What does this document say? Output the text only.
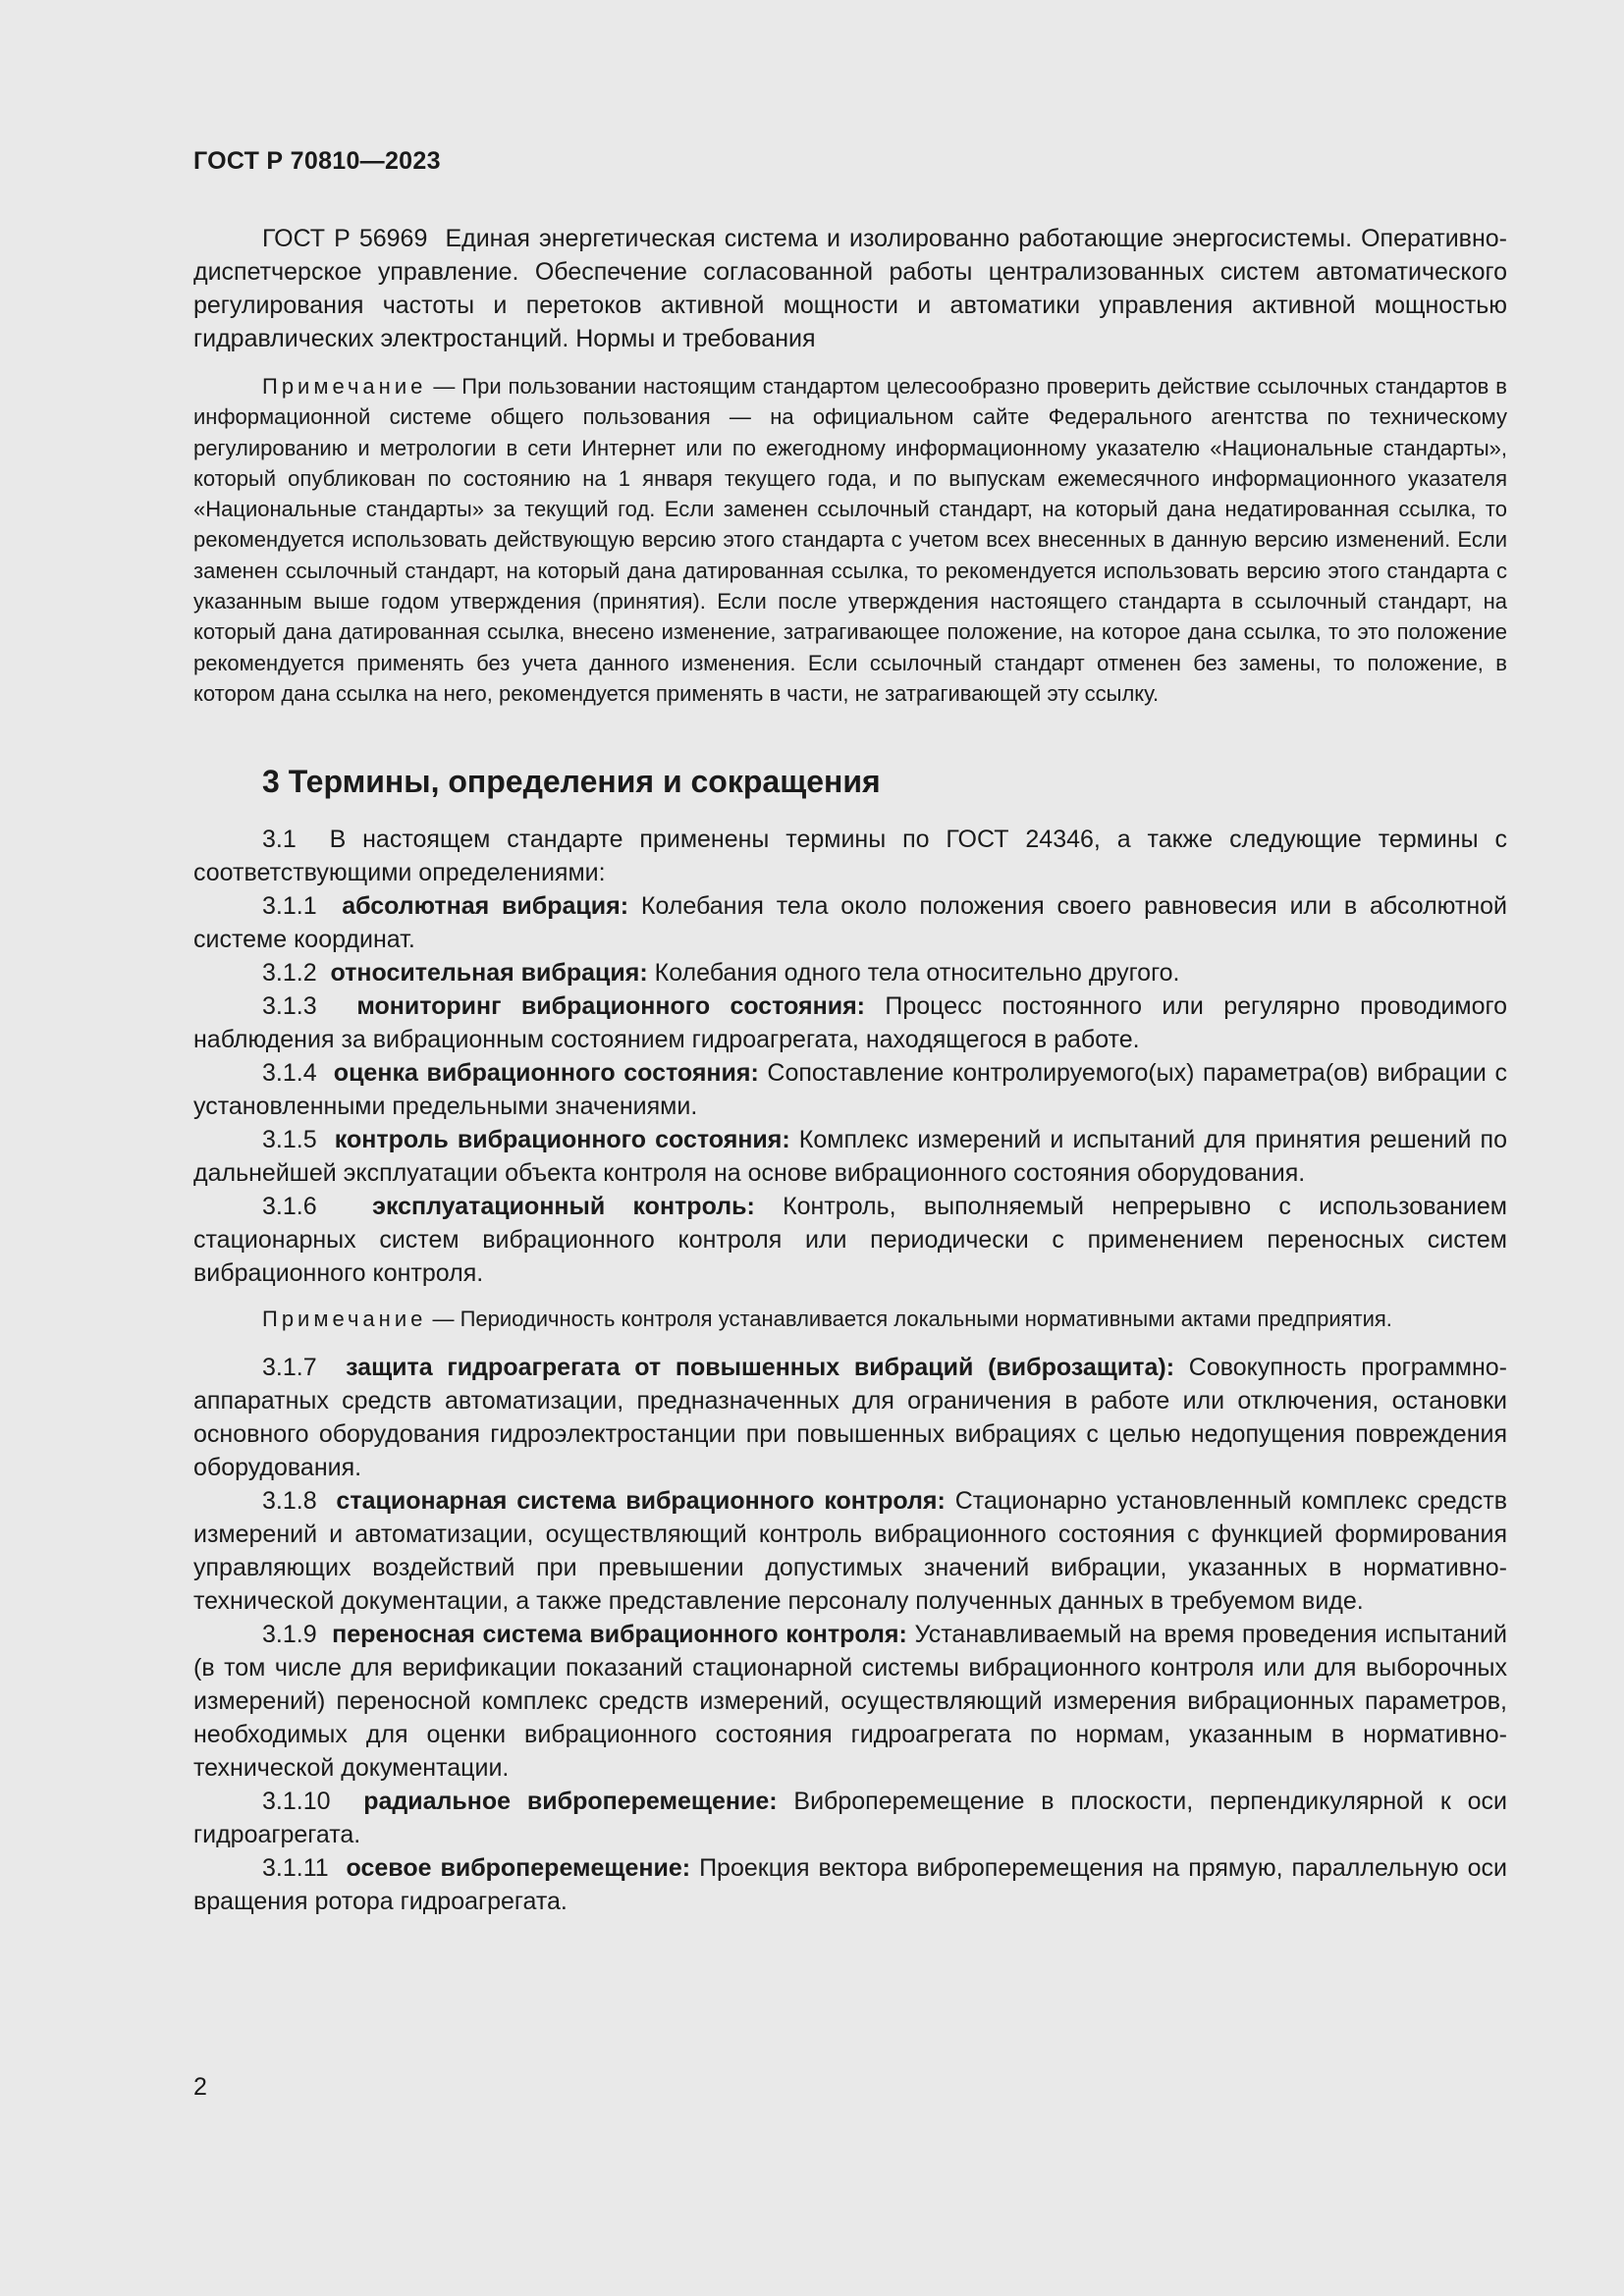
ГОСТ Р 70810—2023

ГОСТ Р 56969 Единая энергетическая система и изолированно работающие энергосистемы. Оперативно-диспетчерское управление. Обеспечение согласованной работы централизованных систем автоматического регулирования частоты и перетоков активной мощности и автоматики управления активной мощностью гидравлических электростанций. Нормы и требования

Примечание — При пользовании настоящим стандартом целесообразно проверить действие ссылочных стандартов в информационной системе общего пользования — на официальном сайте Федерального агентства по техническому регулированию и метрологии в сети Интернет или по ежегодному информационному указателю «Национальные стандарты», который опубликован по состоянию на 1 января текущего года, и по выпускам ежемесячного информационного указателя «Национальные стандарты» за текущий год. Если заменен ссылочный стандарт, на который дана недатированная ссылка, то рекомендуется использовать действующую версию этого стандарта с учетом всех внесенных в данную версию изменений. Если заменен ссылочный стандарт, на который дана датированная ссылка, то рекомендуется использовать версию этого стандарта с указанным выше годом утверждения (принятия). Если после утверждения настоящего стандарта в ссылочный стандарт, на который дана датированная ссылка, внесено изменение, затрагивающее положение, на которое дана ссылка, то это положение рекомендуется применять без учета данного изменения. Если ссылочный стандарт отменен без замены, то положение, в котором дана ссылка на него, рекомендуется применять в части, не затрагивающей эту ссылку.

3 Термины, определения и сокращения

3.1 В настоящем стандарте применены термины по ГОСТ 24346, а также следующие термины с соответствующими определениями:

3.1.1 абсолютная вибрация: Колебания тела около положения своего равновесия или в абсолютной системе координат.

3.1.2 относительная вибрация: Колебания одного тела относительно другого.

3.1.3 мониторинг вибрационного состояния: Процесс постоянного или регулярно проводимого наблюдения за вибрационным состоянием гидроагрегата, находящегося в работе.

3.1.4 оценка вибрационного состояния: Сопоставление контролируемого(ых) параметра(ов) вибрации с установленными предельными значениями.

3.1.5 контроль вибрационного состояния: Комплекс измерений и испытаний для принятия решений по дальнейшей эксплуатации объекта контроля на основе вибрационного состояния оборудования.

3.1.6 эксплуатационный контроль: Контроль, выполняемый непрерывно с использованием стационарных систем вибрационного контроля или периодически с применением переносных систем вибрационного контроля.

Примечание — Периодичность контроля устанавливается локальными нормативными актами предприятия.

3.1.7 защита гидроагрегата от повышенных вибраций (виброзащита): Совокупность программно-аппаратных средств автоматизации, предназначенных для ограничения в работе или отключения, остановки основного оборудования гидроэлектростанции при повышенных вибрациях с целью недопущения повреждения оборудования.

3.1.8 стационарная система вибрационного контроля: Стационарно установленный комплекс средств измерений и автоматизации, осуществляющий контроль вибрационного состояния с функцией формирования управляющих воздействий при превышении допустимых значений вибрации, указанных в нормативно-технической документации, а также представление персоналу полученных данных в требуемом виде.

3.1.9 переносная система вибрационного контроля: Устанавливаемый на время проведения испытаний (в том числе для верификации показаний стационарной системы вибрационного контроля или для выборочных измерений) переносной комплекс средств измерений, осуществляющий измерения вибрационных параметров, необходимых для оценки вибрационного состояния гидроагрегата по нормам, указанным в нормативно-технической документации.

3.1.10 радиальное виброперемещение: Виброперемещение в плоскости, перпендикулярной к оси гидроагрегата.

3.1.11 осевое виброперемещение: Проекция вектора виброперемещения на прямую, параллельную оси вращения ротора гидроагрегата.

2
